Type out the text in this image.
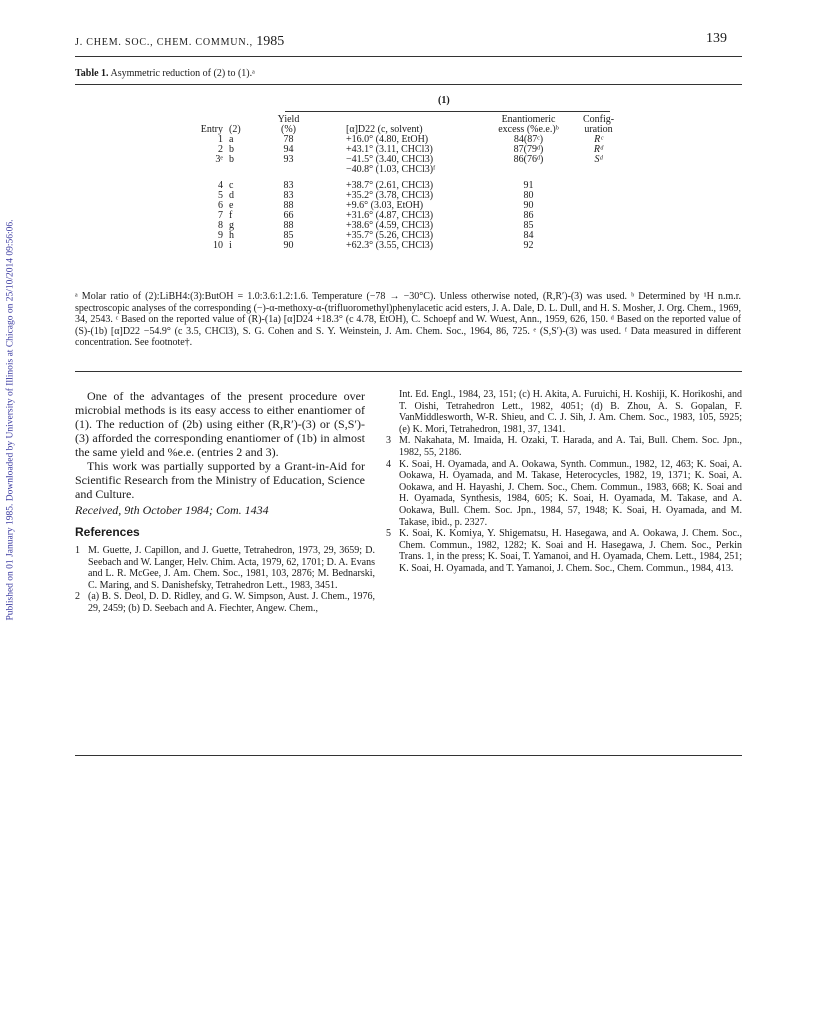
Published on 01 January 1985. Downloaded by University of Illinois at Chicago on 25/10/2014 09:56:06.
J. CHEM. SOC., CHEM. COMMUN., 1985	139
Table 1. Asymmetric reduction of (2) to (1).ᵃ
(1)
		Yield		Enantiomeric	Config-
Entry	(2)	(%)	[α]D22 (c, solvent)	excess (%e.e.)ᵇ	uration
1	a	78	+16.0° (4.80, EtOH)	84(87ᶜ)	Rᶜ
2	b	94	+43.1° (3.11, CHCl3)	87(79ᵈ)	Rᵈ
3ᵉ	b	93	−41.5° (3.40, CHCl3)	86(76ᵈ)	Sᵈ
			−40.8° (1.03, CHCl3)ᶠ		
4	c	83	+38.7° (2.61, CHCl3)	91	
5	d	83	+35.2° (3.78, CHCl3)	80	
6	e	88	+9.6° (3.03, EtOH)	90	
7	f	66	+31.6° (4.87, CHCl3)	86	
8	g	88	+38.6° (4.59, CHCl3)	85	
9	h	85	+35.7° (5.26, CHCl3)	84	
10	i	90	+62.3° (3.55, CHCl3)	92	
ᵃ Molar ratio of (2):LiBH4:(3):ButOH = 1.0:3.6:1.2:1.6. Temperature (−78 → −30°C). Unless otherwise noted, (R,R′)-(3) was used. ᵇ Determined by ¹H n.m.r. spectroscopic analyses of the corresponding (−)-α-methoxy-α-(trifluoromethyl)phenylacetic acid esters, J. A. Dale, D. L. Dull, and H. S. Mosher, J. Org. Chem., 1969, 34, 2543. ᶜ Based on the reported value of (R)-(1a) [α]D24 +18.3° (c 4.78, EtOH), C. Schoepf and W. Wuest, Ann., 1959, 626, 150. ᵈ Based on the reported value of (S)-(1b) [α]D22 −54.9° (c 3.5, CHCl3), S. G. Cohen and S. Y. Weinstein, J. Am. Chem. Soc., 1964, 86, 725. ᵉ (S,S′)-(3) was used. ᶠ Data measured in different concentration. See footnote†.

One of the advantages of the present procedure over microbial methods is its easy access to either enantiomer of (1). The reduction of (2b) using either (R,R′)-(3) or (S,S′)-(3) afforded the corresponding enantiomer of (1b) in almost the same yield and %e.e. (entries 2 and 3).

This work was partially supported by a Grant-in-Aid for Scientific Research from the Ministry of Education, Science and Culture.

Received, 9th October 1984; Com. 1434
References
1 M. Guette, J. Capillon, and J. Guette, Tetrahedron, 1973, 29, 3659; D. Seebach and W. Langer, Helv. Chim. Acta, 1979, 62, 1701; D. A. Evans and L. R. McGee, J. Am. Chem. Soc., 1981, 103, 2876; M. Bednarski, C. Maring, and S. Danishefsky, Tetrahedron Lett., 1983, 3451.
2 (a) B. S. Deol, D. D. Ridley, and G. W. Simpson, Aust. J. Chem., 1976, 29, 2459; (b) D. Seebach and A. Fiechter, Angew. Chem.,
Int. Ed. Engl., 1984, 23, 151; (c) H. Akita, A. Furuichi, H. Koshiji, K. Horikoshi, and T. Oishi, Tetrahedron Lett., 1982, 4051; (d) B. Zhou, A. S. Gopalan, F. VanMiddlesworth, W-R. Shieu, and C. J. Sih, J. Am. Chem. Soc., 1983, 105, 5925; (e) K. Mori, Tetrahedron, 1981, 37, 1341.
3 M. Nakahata, M. Imaida, H. Ozaki, T. Harada, and A. Tai, Bull. Chem. Soc. Jpn., 1982, 55, 2186.
4 K. Soai, H. Oyamada, and A. Ookawa, Synth. Commun., 1982, 12, 463; K. Soai, A. Ookawa, H. Oyamada, and M. Takase, Heterocycles, 1982, 19, 1371; K. Soai, A. Ookawa, and H. Hayashi, J. Chem. Soc., Chem. Commun., 1983, 668; K. Soai and H. Oyamada, Synthesis, 1984, 605; K. Soai, H. Oyamada, M. Takase, and A. Ookawa, Bull. Chem. Soc. Jpn., 1984, 57, 1948; K. Soai, H. Oyamada, and M. Takase, ibid., p. 2327.
5 K. Soai, K. Komiya, Y. Shigematsu, H. Hasegawa, and A. Ookawa, J. Chem. Soc., Chem. Commun., 1982, 1282; K. Soai and H. Hasegawa, J. Chem. Soc., Perkin Trans. 1, in the press; K. Soai, T. Yamanoi, and H. Oyamada, Chem. Lett., 1984, 251; K. Soai, H. Oyamada, and T. Yamanoi, J. Chem. Soc., Chem. Commun., 1984, 413.
